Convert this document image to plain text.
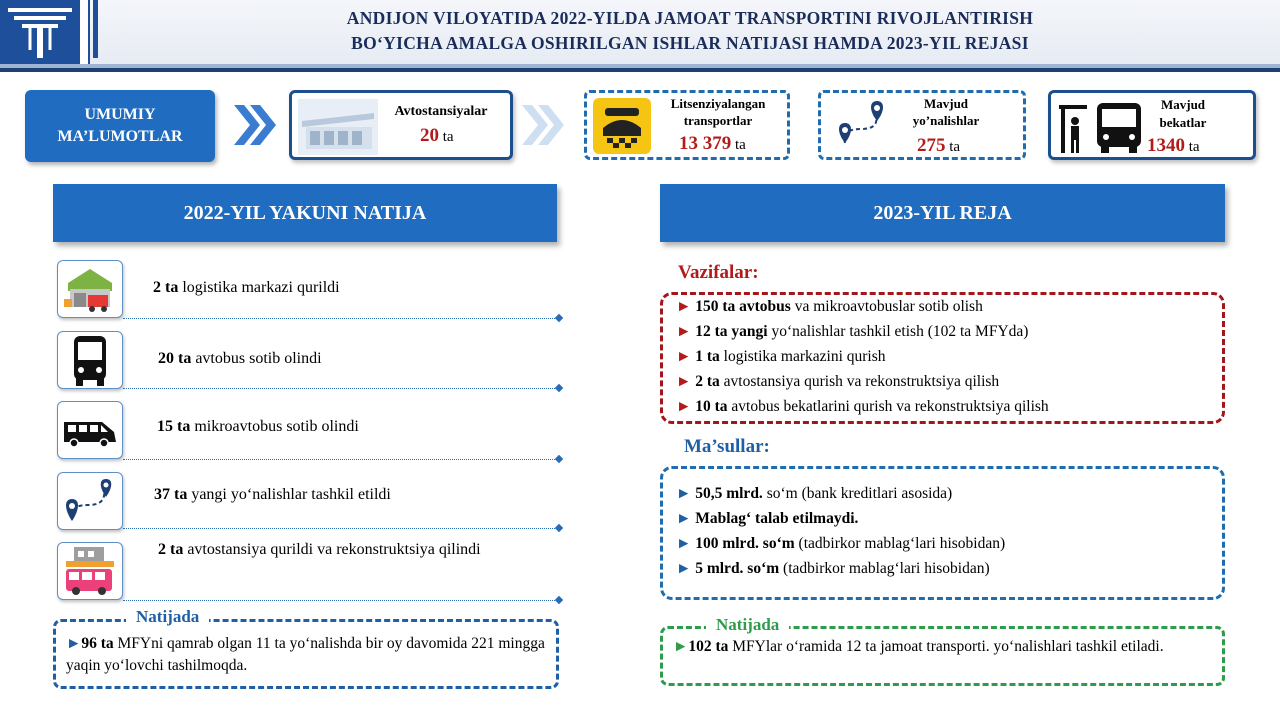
ANDIJON VILOYATIDA 2022-YILDA JAMOAT TRANSPORTINI RIVOJLANTIRISH
BO‘YICHA AMALGA OSHIRILGAN ISHLAR NATIJASI HAMDA 2023-YIL REJASI
UMUMIY
MA’LUMOTLAR
Avtostansiyalar
20 ta
Litsenziyalangan
transportlar
13 379 ta
Mavjud
yo’nalishlar
275 ta
Mavjud
bekatlar
1340 ta
2022-YIL YAKUNI NATIJA	2023-YIL REJA
2 ta logistika markazi qurildi
20 ta avtobus sotib olindi
15 ta mikroavtobus sotib olindi
37 ta yangi yo‘nalishlar tashkil etildi
2 ta avtostansiya qurildi va rekonstruktsiya qilindi
Natijada
►96 ta MFYni qamrab olgan 11 ta yo‘nalishda bir oy davomida 221 mingga yaqin yo‘lovchi tashilmoqda.
Vazifalar:
► 150 ta avtobus va mikroavtobuslar sotib olish
► 12 ta yangi yo‘nalishlar tashkil etish (102 ta MFYda)
► 1 ta logistika markazini qurish
► 2 ta avtostansiya qurish va rekonstruktsiya qilish
► 10 ta avtobus bekatlarini qurish va rekonstruktsiya qilish
Ma’sullar:
► 50,5 mlrd. so‘m (bank kreditlari asosida)
► Mablag‘ talab etilmaydi.
► 100 mlrd. so‘m (tadbirkor mablag‘lari hisobidan)
► 5 mlrd. so‘m (tadbirkor mablag‘lari hisobidan)
Natijada
►102 ta MFYlar o‘ramida 12 ta jamoat transporti. yo‘nalishlari tashkil etiladi.
